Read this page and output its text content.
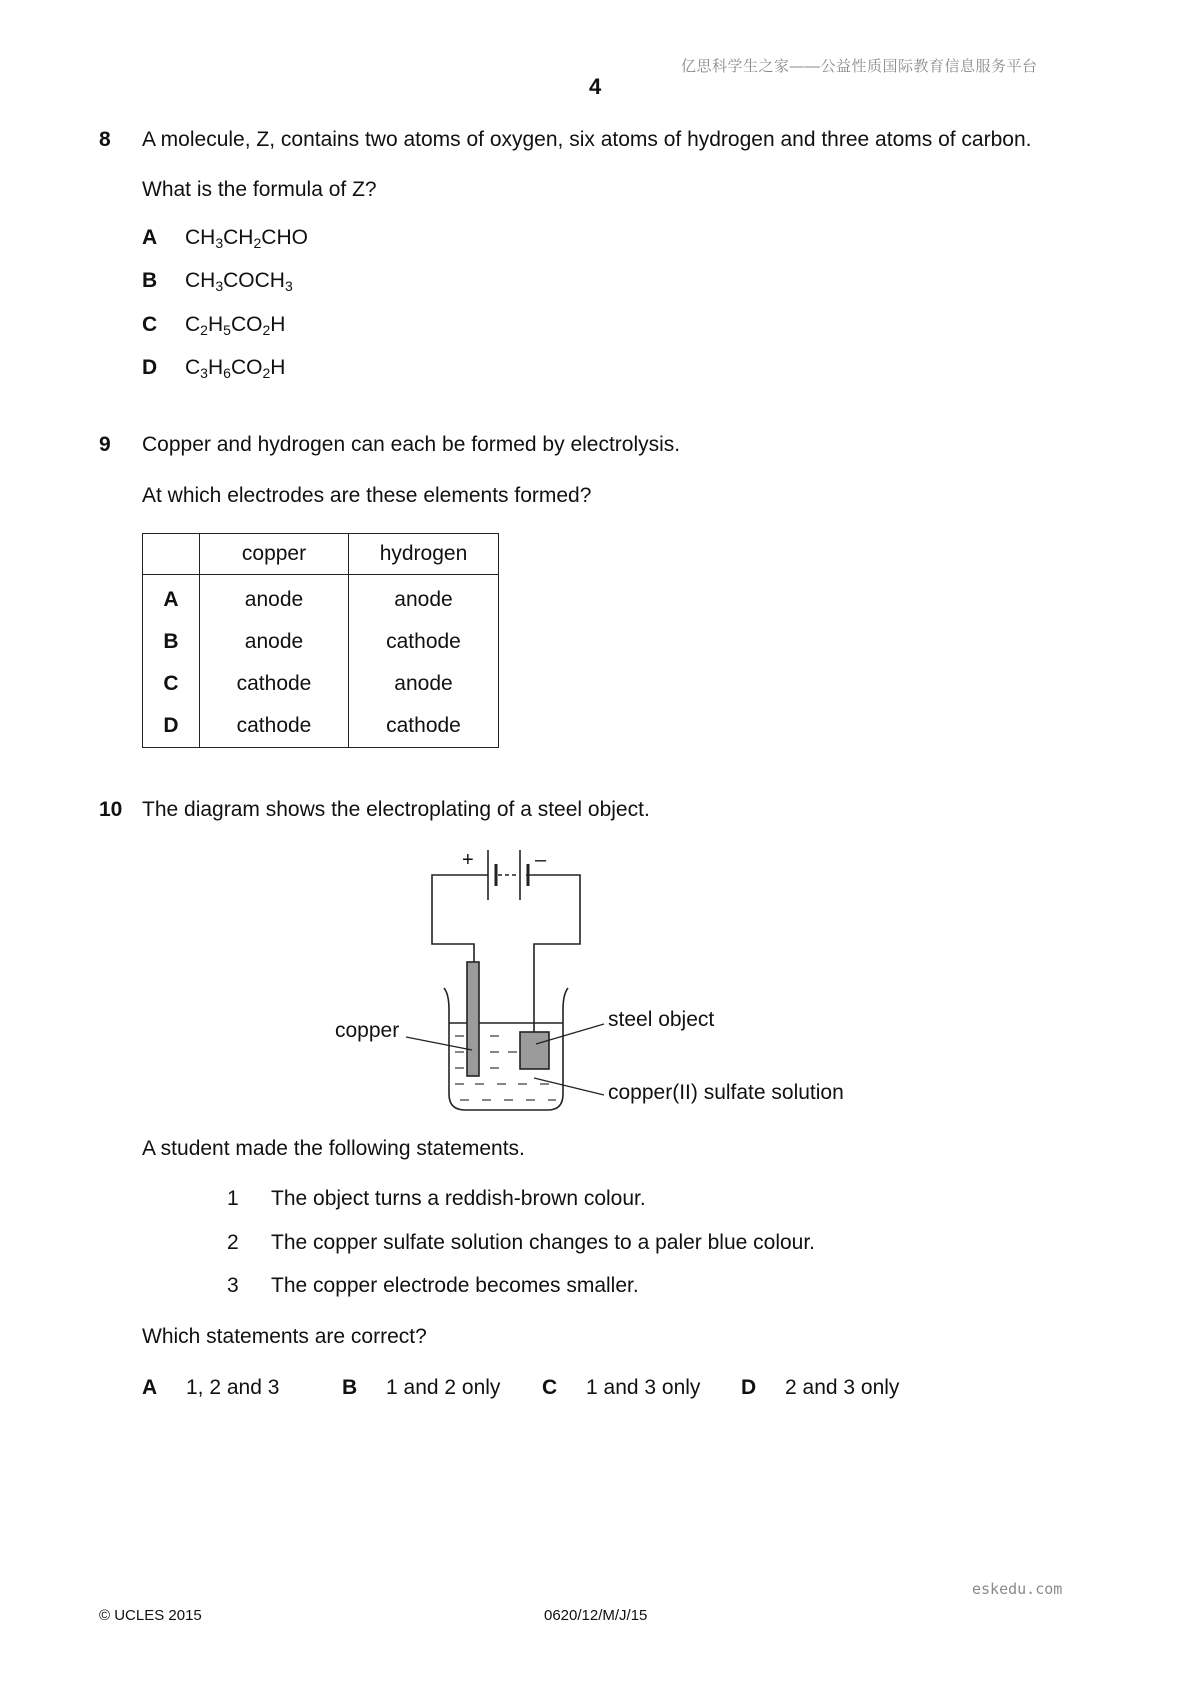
亿思科学生之家——公益性质国际教育信息服务平台
4
8 A molecule, Z, contains two atoms of oxygen, six atoms of hydrogen and three atoms of carbon.
What is the formula of Z?
A $CH_3CH_2CHO$
B $CH_3COCH_3$
C $C_2H_5CO_2H$
D $C_3H_6CO_2H$
9 Copper and hydrogen can each be formed by electrolysis.
At which electrodes are these elements formed?
	copper	hydrogen
A	anode	anode
B	anode	cathode
C	cathode	anode
D	cathode	cathode
10 The diagram shows the electroplating of a steel object.
+	–
copper	steel object
copper(II) sulfate solution
A student made the following statements.
1 The object turns a reddish-brown colour.
2 The copper sulfate solution changes to a paler blue colour.
3 The copper electrode becomes smaller.
Which statements are correct?
A 1, 2 and 3	B 1 and 2 only C 1 and 3 only D 2 and 3 only
eskedu.com
© UCLES 2015	0620/12/M/J/15
